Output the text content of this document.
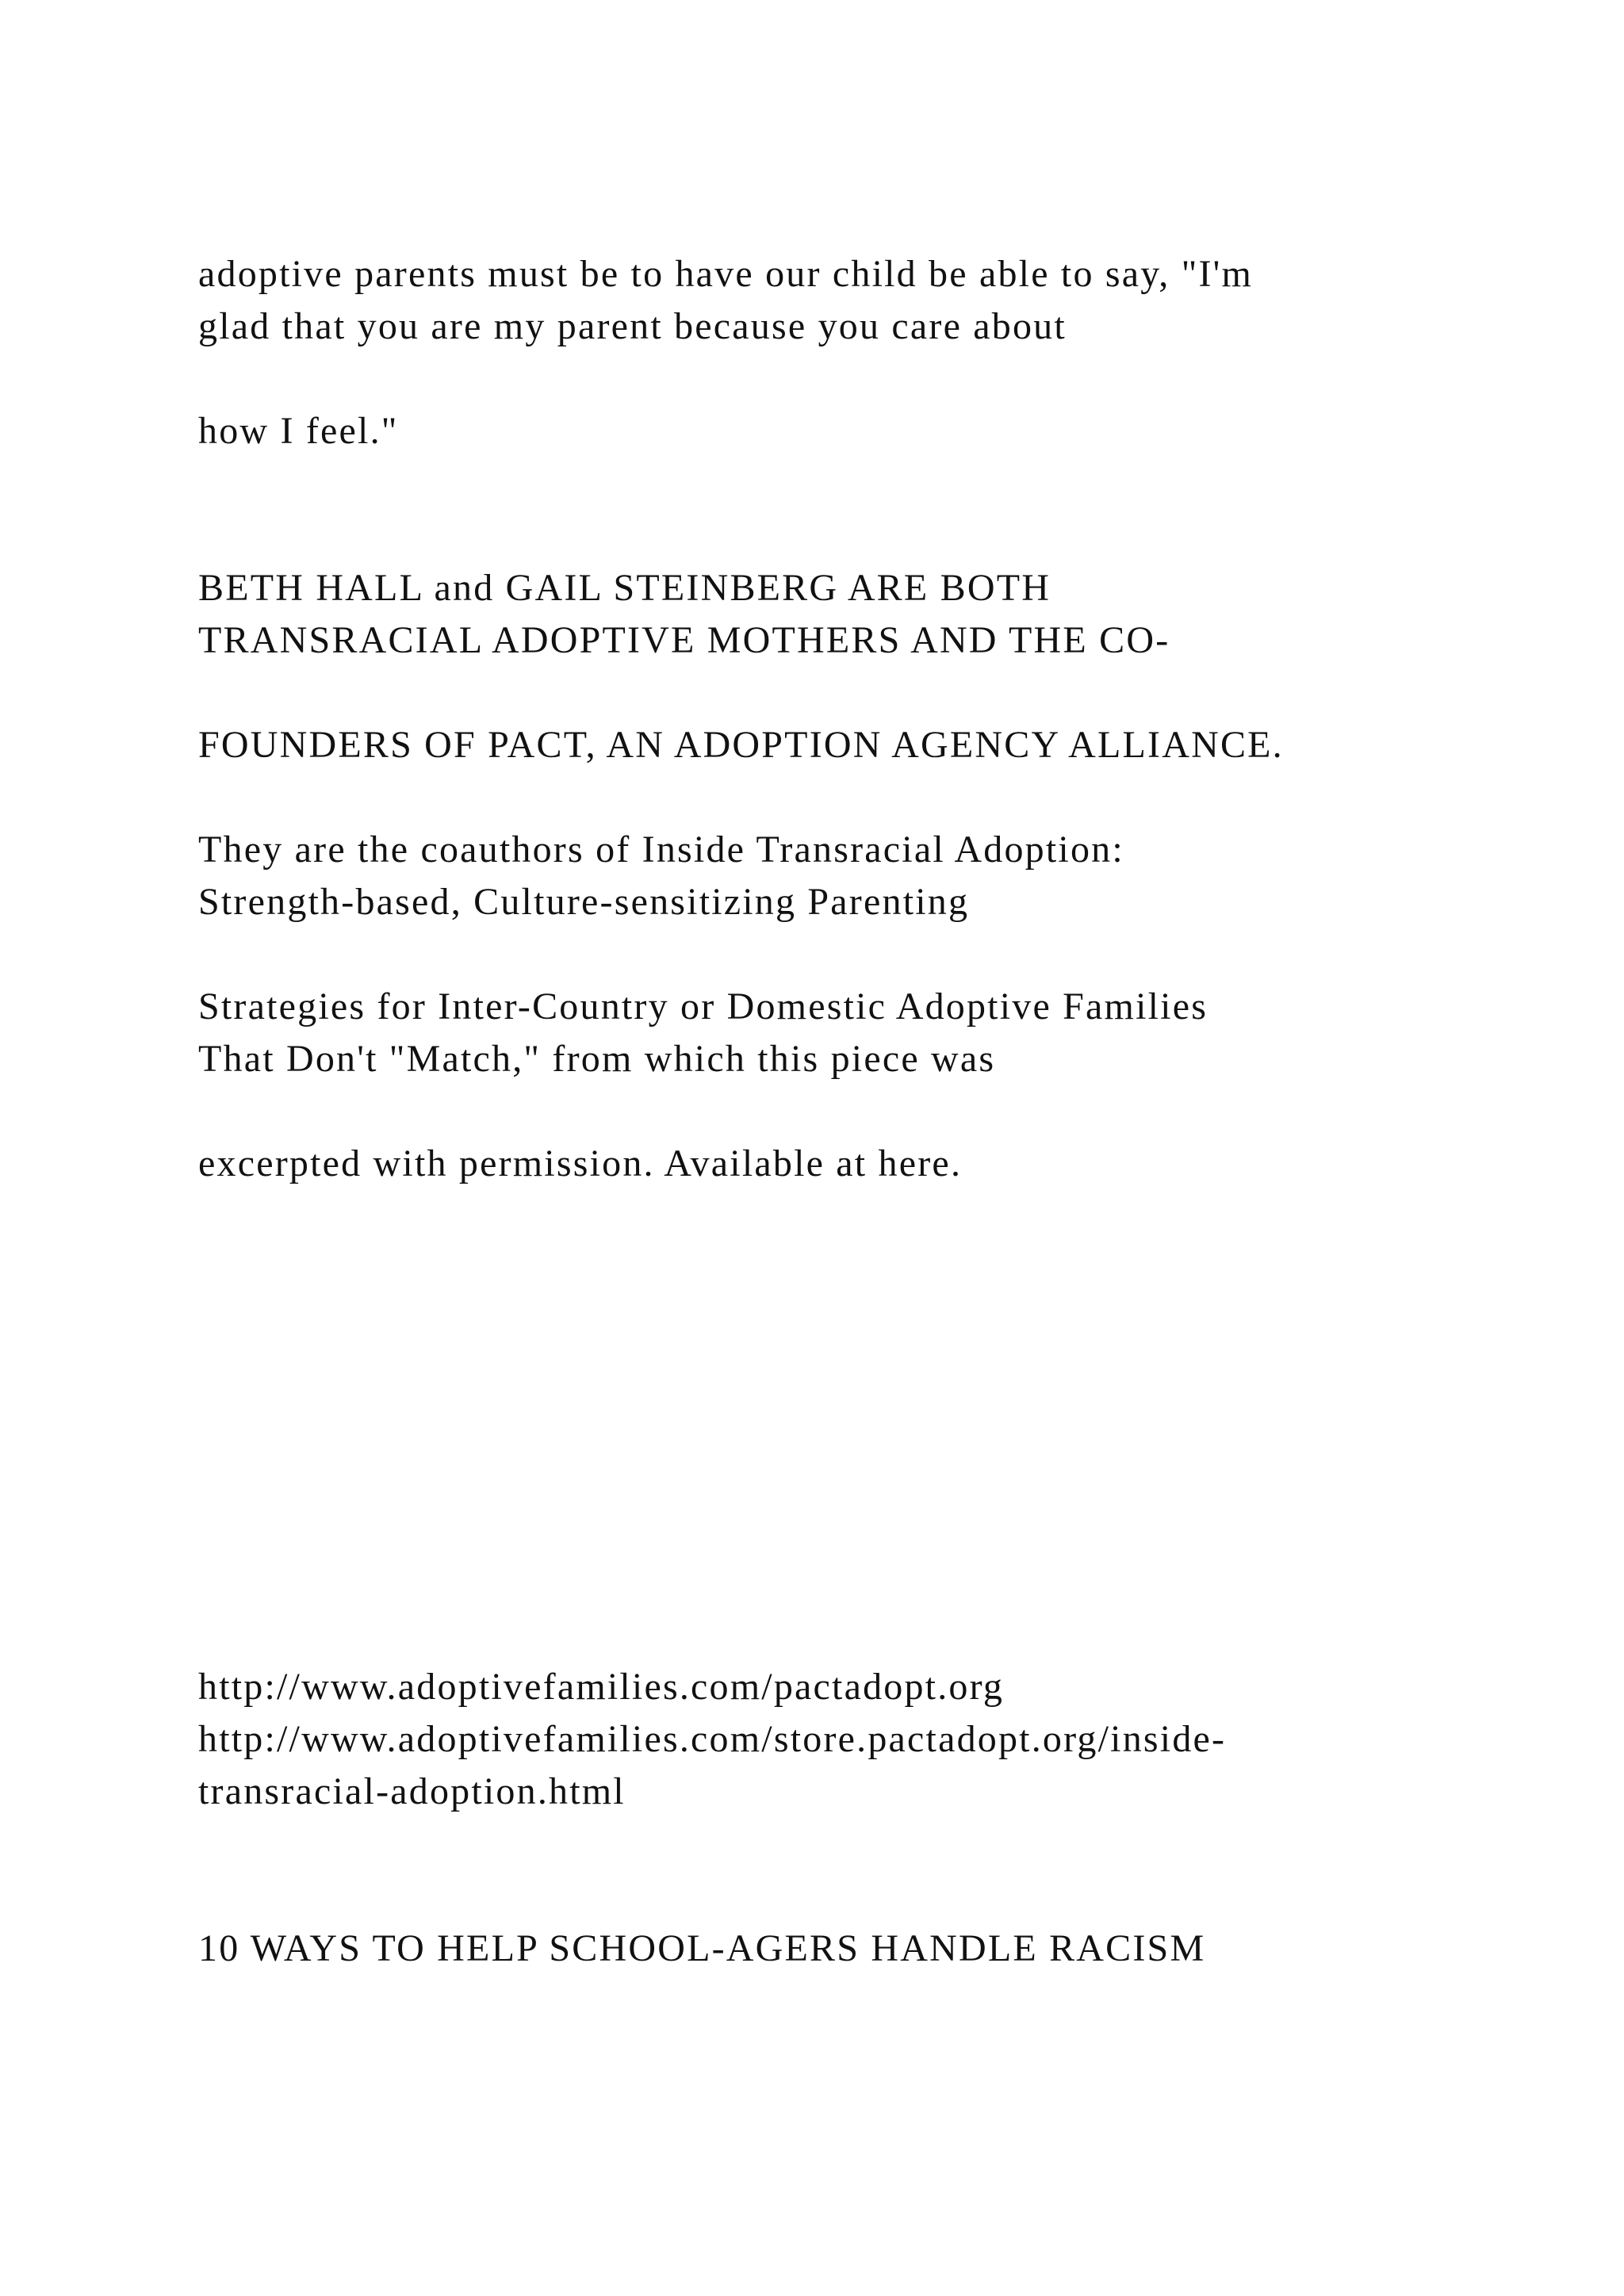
adoptive parents must be to have our child be able to say, "I'm

glad that you are my parent because you care about

how I feel."

BETH HALL and GAIL STEINBERG ARE BOTH

TRANSRACIAL ADOPTIVE MOTHERS AND THE CO-

FOUNDERS OF PACT, AN ADOPTION AGENCY ALLIANCE.

They are the coauthors of Inside Transracial Adoption:

Strength-based, Culture-sensitizing Parenting

Strategies for Inter-Country or Domestic Adoptive Families

That Don't "Match," from which this piece was

excerpted with permission. Available at here.

http://www.adoptivefamilies.com/pactadopt.org

http://www.adoptivefamilies.com/store.pactadopt.org/inside-

transracial-adoption.html

10 WAYS TO HELP SCHOOL-AGERS HANDLE RACISM
